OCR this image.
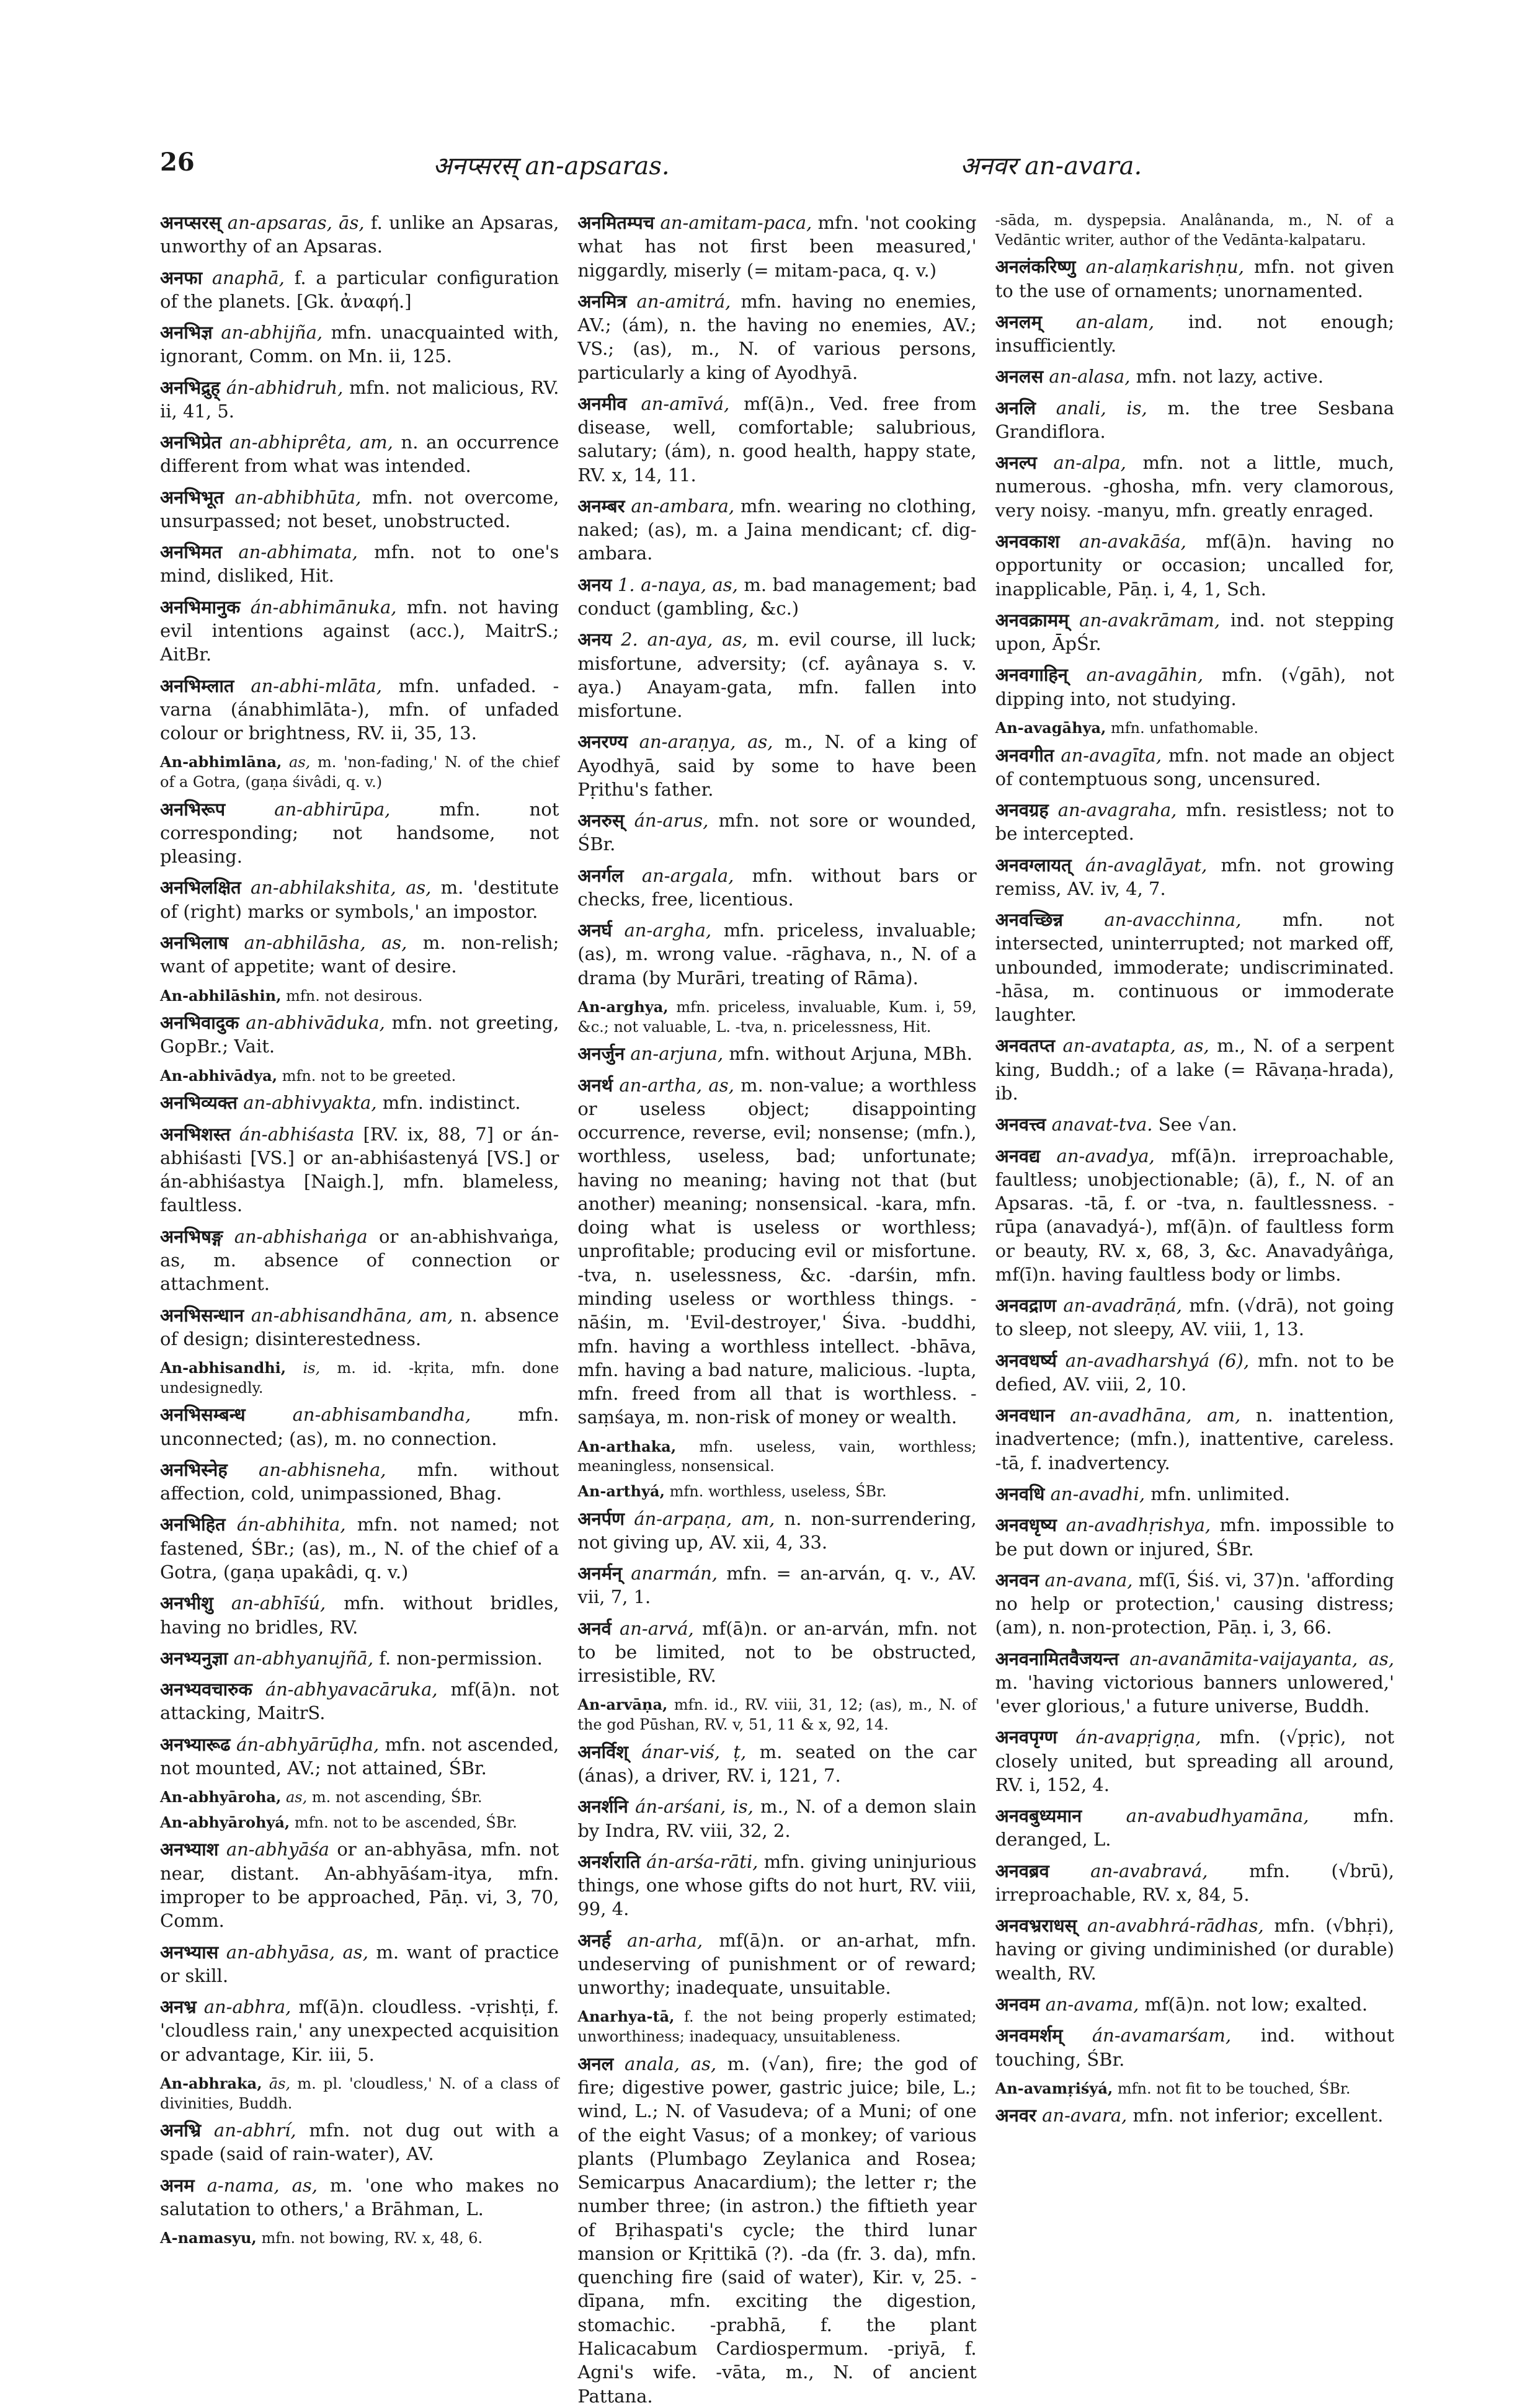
26	अनप्सरस् an-apsaras.	अनवर an-avara.

अनप्सरस् an-apsaras, ās, f. unlike an Apsaras, unworthy of an Apsaras.

अनफा anaphā, f. a particular configuration of the planets. [Gk. ἀναφή.]

अनभिज्ञ an-abhijña, mfn. unacquainted with, ignorant, Comm. on Mn. ii, 125.

अनभिद्रुह् án-abhidruh, mfn. not malicious, RV. ii, 41, 5.

अनभिप्रेत an-abhiprêta, am, n. an occurrence different from what was intended.

अनभिभूत an-abhibhūta, mfn. not overcome, unsurpassed; not beset, unobstructed.

अनभिमत an-abhimata, mfn. not to one's mind, disliked, Hit.

अनभिमानुक án-abhimānuka, mfn. not having evil intentions against (acc.), MaitrS.; AitBr.

अनभिम्लात an-abhi-mlāta, mfn. unfaded. -varna (ánabhimlāta-), mfn. of unfaded colour or brightness, RV. ii, 35, 13.

An-abhimlāna, as, m. 'non-fading,' N. of the chief of a Gotra, (gaṇa śivâdi, q. v.)

अनभिरूप	an-abhirūpa,	mfn. not corresponding; not handsome, not pleasing.

अनभिलक्षित an-abhilakshita, as, m. 'destitute of (right) marks or symbols,' an impostor.

अनभिलाष an-abhilāsha, as, m. non-relish; want of appetite; want of desire.

An-abhilāshin, mfn. not desirous.

अनभिवादुक an-abhivāduka, mfn. not greeting, GopBr.; Vait.

An-abhivādya, mfn. not to be greeted.

अनभिव्यक्त an-abhivyakta, mfn. indistinct.

अनभिशस्त án-abhiśasta [RV. ix, 88, 7] or án-abhiśasti [VS.] or an-abhiśastenyá [VS.] or án-abhiśastya [Naigh.], mfn. blameless, faultless.

अनभिषङ्ग an-abhishaṅga or an-abhishvaṅga, as, m. absence of connection or attachment.

अनभिसन्धान an-abhisandhāna, am, n. absence of design; disinterestedness.

An-abhisandhi, is, m. id. -kṛita, mfn. done undesignedly.

अनभिसम्बन्ध	an-abhisambandha,	mfn. unconnected; (as), m. no connection.

अनभिस्नेह an-abhisneha, mfn. without affection, cold, unimpassioned, Bhag.

अनभिहित án-abhihita, mfn. not named; not fastened, ŚBr.; (as), m., N. of the chief of a Gotra, (gaṇa upakâdi, q. v.)

अनभीशु an-abhīśú, mfn. without bridles, having no bridles, RV.

अनभ्यनुज्ञा an-abhyanujñā, f. non-permission.

अनभ्यवचारुक án-abhyavacāruka, mf(ā)n. not attacking, MaitrS.

अनभ्यारूढ án-abhyārūḍha, mfn. not ascended, not mounted, AV.; not attained, ŚBr.

An-abhyāroha, as, m. not ascending, ŚBr.

An-abhyārohyá, mfn. not to be ascended, ŚBr.

अनभ्याश an-abhyāśa or an-abhyāsa, mfn. not near, distant. An-abhyāśam-itya, mfn. improper to be approached, Pāṇ. vi, 3, 70, Comm.

अनभ्यास an-abhyāsa, as, m. want of practice or skill.

अनभ्र an-abhra, mf(ā)n. cloudless. -vṛishṭi, f. 'cloudless rain,' any unexpected acquisition or advantage, Kir. iii, 5.

An-abhraka, ās, m. pl. 'cloudless,' N. of a class of divinities, Buddh.

अनभ्रि an-abhrí, mfn. not dug out with a spade (said of rain-water), AV.

अनम a-nama, as, m. 'one who makes no salutation to others,' a Brāhman, L.

A-namasyu, mfn. not bowing, RV. x, 48, 6.

अनमितम्पच an-amitam-paca, mfn. 'not cooking what has not first been measured,' niggardly, miserly (= mitam-paca, q. v.)

अनमित्र an-amitrá, mfn. having no enemies, AV.; (ám), n. the having no enemies, AV.; VS.; (as), m., N. of various persons, particularly a king of Ayodhyā.

अनमीव an-amīvá, mf(ā)n., Ved. free from disease, well, comfortable; salubrious, salutary; (ám), n. good health, happy state, RV. x, 14, 11.

अनम्बर an-ambara, mfn. wearing no clothing, naked; (as), m. a Jaina mendicant; cf. dig-ambara.

अनय 1. a-naya, as, m. bad management; bad conduct (gambling, &c.)

अनय 2. an-aya, as, m. evil course, ill luck; misfortune, adversity; (cf. ayânaya s. v. aya.) Anayam-gata, mfn. fallen into misfortune.

अनरण्य an-araṇya, as, m., N. of a king of Ayodhyā, said by some to have been Pṛithu's father.

अनरुस् án-arus, mfn. not sore or wounded, ŚBr.

अनर्गल an-argala, mfn. without bars or checks, free, licentious.

अनर्घ an-argha, mfn. priceless, invaluable; (as), m. wrong value. -rāghava, n., N. of a drama (by Murāri, treating of Rāma).

An-arghya, mfn. priceless, invaluable, Kum. i, 59, &c.; not valuable, L. -tva, n. pricelessness, Hit.

अनर्जुन an-arjuna, mfn. without Arjuna, MBh.

अनर्थ an-artha, as, m. non-value; a worthless or useless object; disappointing occurrence, reverse, evil; nonsense; (mfn.), worthless, useless, bad; unfortunate; having no meaning; having not that (but another) meaning; nonsensical. -kara, mfn. doing what is useless or worthless; unprofitable; producing evil or misfortune. -tva, n. uselessness, &c. -darśin, mfn. minding useless or worthless things. -nāśin, m. 'Evil-destroyer,' Śiva. -buddhi, mfn. having a worthless intellect. -bhāva, mfn. having a bad nature, malicious. -lupta, mfn. freed from all that is worthless. -saṃśaya, m. non-risk of money or wealth.

An-arthaka, mfn. useless, vain, worthless; meaningless, nonsensical.

An-arthyá, mfn. worthless, useless, ŚBr.

अनर्पण án-arpaṇa, am, n. non-surrendering, not giving up, AV. xii, 4, 33.

अनर्मन् anarmán, mfn. = an-arván, q. v., AV. vii, 7, 1.

अनर्व an-arvá, mf(ā)n. or an-arván, mfn. not to be limited, not to be obstructed, irresistible, RV.

An-arvāṇa, mfn. id., RV. viii, 31, 12; (as), m., N. of the god Pūshan, RV. v, 51, 11 & x, 92, 14.

अनर्विश् ánar-viś, ṭ, m. seated on the car (ánas), a driver, RV. i, 121, 7.

अनर्शनि án-arśani, is, m., N. of a demon slain by Indra, RV. viii, 32, 2.

अनर्शराति án-arśa-rāti, mfn. giving uninjurious things, one whose gifts do not hurt, RV. viii, 99, 4.

अनर्ह an-arha, mf(ā)n. or an-arhat, mfn. undeserving of punishment or of reward; unworthy; inadequate, unsuitable.

Anarhya-tā, f. the not being properly estimated; unworthiness; inadequacy, unsuitableness.

अनल anala, as, m. (√an), fire; the god of fire; digestive power, gastric juice; bile, L.; wind, L.; N. of Vasudeva; of a Muni; of one of the eight Vasus; of a monkey; of various plants (Plumbago Zeylanica and Rosea; Semicarpus Anacardium); the letter r; the number three; (in astron.) the fiftieth year of Bṛihaspati's cycle; the third lunar mansion or Kṛittikā (?). -da (fr. 3. da), mfn. quenching fire (said of water), Kir. v, 25. -dīpana, mfn. exciting the digestion, stomachic. -prabhā, f. the plant Halicacabum Cardiospermum. -priyā, f. Agni's wife. -vāta, m., N. of ancient Pattana.

-sāda, m. dyspepsia. Analânanda, m., N. of a Vedāntic writer, author of the Vedānta-kalpataru.

अनलंकरिष्णु an-alaṃkarishṇu, mfn. not given to the use of ornaments; unornamented.

अनलम् an-alam, ind. not enough; insufficiently.

अनलस an-alasa, mfn. not lazy, active.

अनलि anali, is, m. the tree Sesbana Grandiflora.

अनल्प an-alpa, mfn. not a little, much, numerous. -ghosha, mfn. very clamorous, very noisy. -manyu, mfn. greatly enraged.

अनवकाश an-avakāśa, mf(ā)n. having no opportunity or occasion; uncalled for, inapplicable, Pāṇ. i, 4, 1, Sch.

अनवक्रामम् an-avakrāmam, ind. not stepping upon, ĀpŚr.

अनवगाहिन् an-avagāhin, mfn. (√gāh), not dipping into, not studying.

An-avagāhya, mfn. unfathomable.

अनवगीत an-avagīta, mfn. not made an object of contemptuous song, uncensured.

अनवग्रह an-avagraha, mfn. resistless; not to be intercepted.

अनवग्लायत् án-avaglāyat, mfn. not growing remiss, AV. iv, 4, 7.

अनवच्छिन्न an-avacchinna, mfn. not intersected, uninterrupted; not marked off, unbounded, immoderate; undiscriminated. -hāsa, m. continuous or immoderate laughter.

अनवतप्त an-avatapta, as, m., N. of a serpent king, Buddh.; of a lake (= Rāvaṇa-hrada), ib.

अनवत्त्व anavat-tva. See √an.

अनवद्य an-avadya, mf(ā)n. irreproachable, faultless; unobjectionable; (ā), f., N. of an Apsaras. -tā, f. or -tva, n. faultlessness. -rūpa (anavadyá-), mf(ā)n. of faultless form or beauty, RV. x, 68, 3, &c. Anavadyâṅga, mf(ī)n. having faultless body or limbs.

अनवद्राण an-avadrāṇá, mfn. (√drā), not going to sleep, not sleepy, AV. viii, 1, 13.

अनवधर्ष्य an-avadharshyá (6), mfn. not to be defied, AV. viii, 2, 10.

अनवधान an-avadhāna, am, n. inattention, inadvertence; (mfn.), inattentive, careless. -tā, f. inadvertency.

अनवधि an-avadhi, mfn. unlimited.

अनवधृष्य an-avadhṛishya, mfn. impossible to be put down or injured, ŚBr.

अनवन an-avana, mf(ī, Śiś. vi, 37)n. 'affording no help or protection,' causing distress; (am), n. non-protection, Pāṇ. i, 3, 66.

अनवनामितवैजयन्त an-avanāmita-vaijayanta, as, m. 'having victorious banners unlowered,' 'ever glorious,' a future universe, Buddh.

अनवपृग्ण án-avapṛigṇa, mfn. (√pṛic), not closely united, but spreading all around, RV. i, 152, 4.

अनवबुध्यमान an-avabudhyamāna, mfn. deranged, L.

अनवब्रव an-avabravá, mfn. (√brū), irreproachable, RV. x, 84, 5.

अनवभ्रराधस् an-avabhrá-rādhas, mfn. (√bhṛi), having or giving undiminished (or durable) wealth, RV.

अनवम an-avama, mf(ā)n. not low; exalted.

अनवमर्शम् án-avamarśam, ind. without touching, ŚBr.

An-avamṛiśyá, mfn. not fit to be touched, ŚBr.

अनवर an-avara, mfn. not inferior; excellent.
